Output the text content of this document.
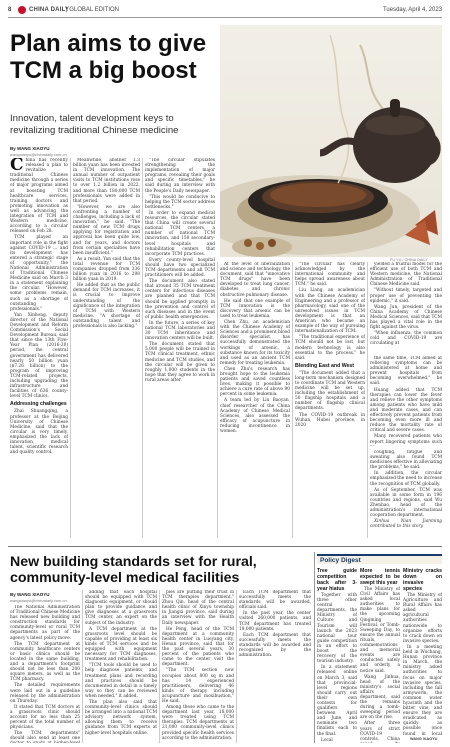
8	CHINA DAILY
| GLOBAL EDITION	Tuesday, April 4, 2023
Plan aims to give TCM a big boost
Innovation, talent development keys to revitalizing traditional Chinese medicine
By WANG XIAOYU
wangxiaoyu@chinadaily.com.cn
FU YU / CHINA DAILY

China has recently released a plan to revitalize traditional Chinese medicine through a series of major programs aimed at boosting TCM healthcare services, training doctors and promoting innovation as well as advancing the integration of TCM and Western medicine, according to a circular released on Feb 28.

TCM played an important role in the fight against COVID-19 ... and its development has entered a strategic stage of opportunity," the National Administration of Traditional Chinese Medicine said on March 3 in a statement explaining the circular. "However, some problems remain, such as a shortage of outstanding professionals."

Yan Xinhong, deputy director of the National Development and Reform Commission's Social Development Bureau, said that since the 13th Five-Year Plan (2016-20) period, the central government has delivered nearly 50 billion yuan ($7.26 billion) to the program of improving TCM-related projects, including upgrading the infrastructure and facilities of 636 county-level TCM clinics.

Addressing challenges

Zhai Shuangqing, a professor at the Beijing University of Chinese Medicine, said that the circular is very timely, emphasized the lack of innovation, medical talent, scientific research and quality control.

Meanwhile, another 1.3 billion yuan has been invested in TCM innovation. The annual number of outpatient visits to TCM institutions rose to over 1.2 billion in 2022, and more than 180,000 TCM professionals were added in that period.

"However, we are also confronting a number of challenges, including a lack of innovation," he said. "The number of new TCM drugs applying for registration and approval has been quite low, and for years, and doctors from certain specialties have been insufficient."

As a result, Yan said that the total revenue for TCM companies dropped from 336 billion yuan in 2016 to 298 billion yuan in 2019.

He added that as the public demand for TCM increases, it is crucial to improve understanding of the significance of the integration of TCM with Western medicine. "A shortage of outstanding talent and professionals is also lacking."

"The circular stipulates strengthening the implementation of major programs, revealing their goals and specific timetables," he said during an interview with the People's Daily newspaper.

"This would be conducive to helping the TCM sector address bottlenecks."

In order to expand medical resources, the circular stated that China will create several national TCM centers, a number of national TCM innovation, and 150 secondary-level hospitals and rehabilitation centers that incorporate TCM practices.

Every county-level hospital should have two specialized TCM departments and all TCM practitioners will be added.

The document also stated that around 35 TCM treatment centers for infectious diseases are planned and that TCM should be applied promptly in the prevention and control of such diseases and in the event of public health emergencies.

In the future, a series of key national TCM laboratories and 30 TCM inheritance and innovation centers will be built.

The document stated that 5,000 people will be trained in TCM clinical treatment, ethnic medicine and TCM studies, and the circular will be given to roughly 1,000 students in the hope that they agree to work in rural areas after.

At the level of liberalization and science and technology, the document, said that "innovative TCM drugs" have been developed to treat lung cancer, diabetes and chronic obstructive pulmonary disease.

He said that one example of TCM innovation is the discovery that arsenic can be used to treat leukemia.

Chen Zhu, an academician with the Chinese Academy of Sciences and a prominent blood disorder specialist, has successfully demonstrated the workings of arsenic, a substance known for its toxicity and used as an ancient TCM remedy for treating leukemia.

Chen Zhu's research has brought hope to the leukemia patients and saved countless lives, making it possible to achieve a cure rate of above 90 percent in some leukemia.

A team led by Liu Baoyan, chief researcher of the China Academy of Chinese Medical Sciences, also assessed the efficacy of acupuncture in reducing incontinence in women.

"The circular has clearly acknowledged by the international community and helps spread awareness about TCM," he said.

Liu Liang, an academician with the Chinese Academy of Engineering and a professor of pharmacology, said one of the unresolved issues in TCM development is that an American who became an example of the way of pursuing internationalization of TCM.

"The traditional experience of TCM should not be lost, but modern technology is also essential to the process," he said.

Blending East and West

"The document added that a long-term mechanism designed to coordinate TCM and Western medicine will be set up, including the establishment of 50 flagship hospitals and a number of flagship clinical departments.

The COVID-19 outbreak in Wuhan, Hubei province, in 2020

yielded a fruitful model for the efficient use of both TCM and Western medicine, the National Administration of Traditional Chinese Medicine said.

"Without timely, targeted and proper use of preventing the epidemic," it said.

Wang Jun, president of the China Academy of Chinese Medical Sciences, said that TCM has played a vital role in the fight against the virus.

"When influenza, the common cold and COVID-19 are circulating at

the same time, TCM aimed at relieving symptoms can be administered at home and prevent hospitals from becoming overwhelmed," he said.

Huang added that TCM therapies can lower the fever and relieve the other symptoms among patients who have mild and moderate cases, and can effectively prevent patients from becoming even more ill and reduce the mortality rate of critical and severe cases.

Many recovered patients who report lingering symptoms such

coughing, fatigue and sweating also found TCM medicines effective in alleviating the problems," he said.

In addition, the circular emphasized the need to increase the recognition of TCM globally.

As of September, TCM was available in some form in 196 countries and regions, said Wu Zhenhao, head of the administration's international cooperation department.

Xinhua Nian Jianming contributed to this story.

New building standards set for rural, community-level medical facilities
By WANG XIAOYU
wangxiaoyu@chinadaily.com.cn

The National Administration of Traditional Chinese Medicine has released new building and construction standards for community-level or rural TCM departments as part of the agency's latest policy move.

The TCM department at community healthcare centers or basic clinics should be located in the same building, and a department's footprint should not be less than 200 square meters, as well as the TCM pharmacy.

The detailed requirements were laid out in a guideline released by the administration on Thursday.

It stated that TCM doctors at a grassroots clinic should account for no less than 25 percent of the total number of physicians.

The TCM departments" should also send at least one

adding that each hospital should be equipped with TCM diagnostic equipment, or should plan to provide guidance and give diagnoses at a grassroots TCM center, an expert on the subject of the industry.

A TCM department at the grassroots level should be capable of providing at least six kinds of TCM services and be equipped with equipment necessary for TCM diagnoses, treatment and rehabilitation.

"TCM tools should be used to help diagnose patients, and treatment plans and recording and practices should be documented in detail in a timely way so they can be reviewed when needed," it added.

The plan also said that community-level clinics should be arranged into a national TCM advisory network system, allowing them to receive guidance from TCM experts at higher-level hospitals online.

pies are putting their trust in TCM therapies department," Zhou Qin, head of the central health clinic of Xinyu township in Jiangxi province, said during an interview with the Health Daily newspaper.

He Peng, head of the TCM department at a community health center in Luoyang city, Henan province, said that for the past several years, 30 percent of the patients who came to the center visit the department.

"The TCM section now occupies about 800 sq m and has 14 experienced practitioners, delivering 46 kinds of therapy including acupuncture and moxibustion," He said.

Among those who came to the department last year, 18,000 were treated using TCM therapies. TCM departments at 21,000 community-level clinics provided specific health services according to the administration.

Each TCM department that successfully meets the standards will be awarded, officials said.

In the past year, the center visited 260,000 patients, and TCM department has treated 18,000 patients.

Each TCM department that successfully meets the standards will be awarded and recognized by the administration.

Policy Digest

Tree guide competition back after 3-year hiatus

Together with three other central departments, the Ministry of Culture and Tourism will launch the 2023 national tour guide competition in an effort to boost the recovery of the tourism industry.

In a statement released online on March 3, said that provincial-level regions should carry out their own contests for qualifiers between April and June, and nominate two finalists each to the final.

Local

More tennis expected to be swept this year

The Ministry of Civil Affairs has asked local authorities to make plans for the upcoming Qingming Festival, or Tomb-Sweeping Day, to ensure the annual rituals, commemorations and memorial events are conducted safely and orderly, a notice said.

Wang Jinhua, head of the ministry's social affairs department, said the remains during a tomb-sweeping period are on the rise.

After three years of strict COVID-19 controls, China

Ministry cracks down on invasive species

The Ministry of Agriculture and Rural Affairs has asked agricultural authorities nationwide to organize efforts to crack down on invasive species.

In a meeting held in Wuchang, Hunan province in March, the ministry asked authorities to focus on major invasive species, including the fall armyworm, the common water hyacinth and the bitter vine, and ensure they are eradicated as quickly as possible once found in local

WANG XIAOYU
